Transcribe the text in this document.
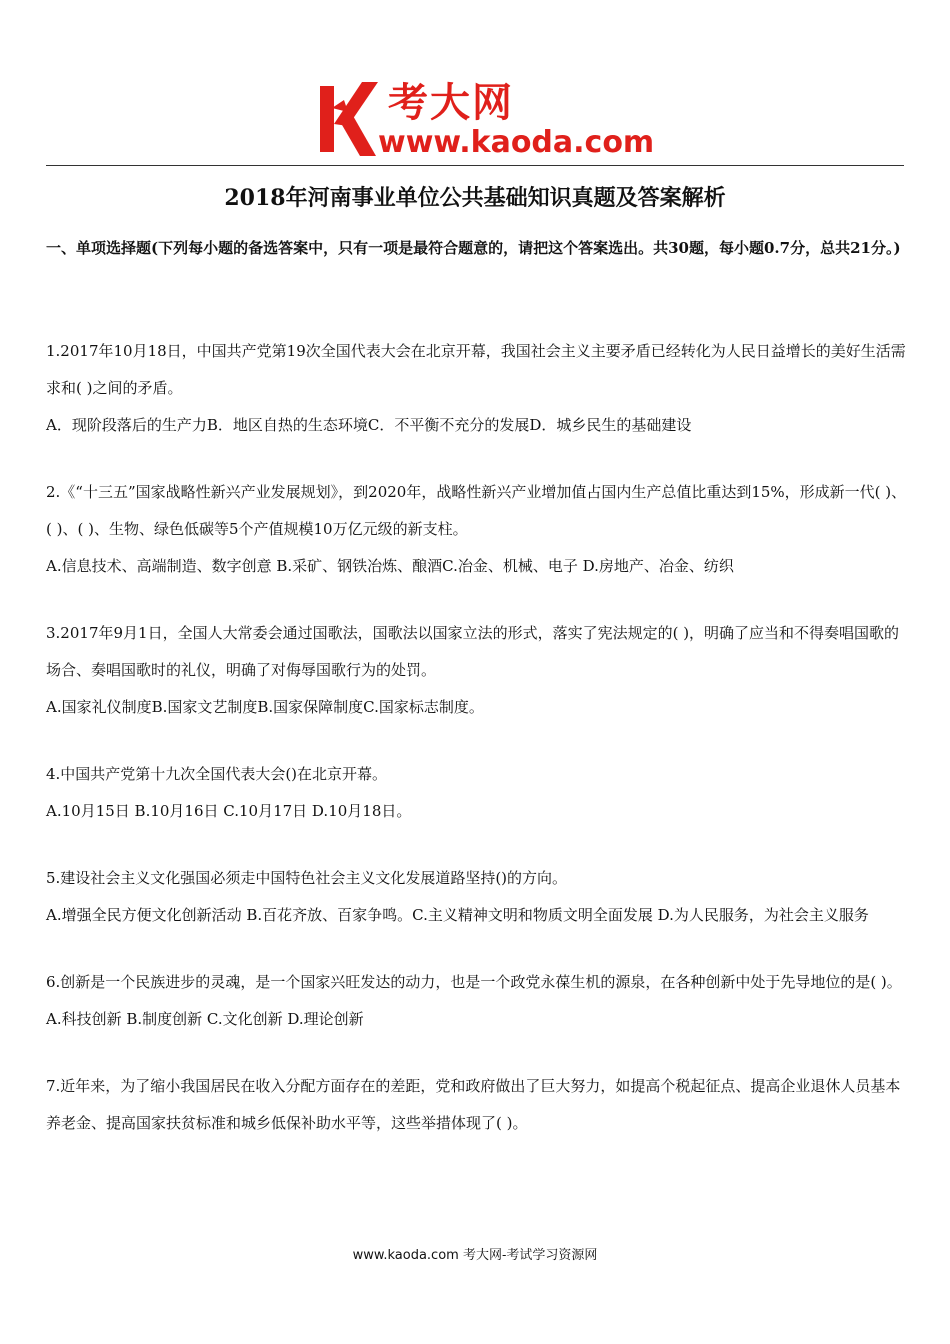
考大网
www.kaoda.com
2018年河南事业单位公共基础知识真题及答案解析
一、单项选择题(下列每小题的备选答案中，只有一项是最符合题意的，请把这个答案选出。共30题，每小题0.7分，总共21分。)

1.2017年10月18日，中国共产党第19次全国代表大会在北京开幕，我国社会主义主要矛盾已经转化为人民日益增长的美好生活需求和( )之间的矛盾。

A．现阶段落后的生产力B．地区自热的生态环境C．不平衡不充分的发展D．城乡民生的基础建设

2.《“十三五”国家战略性新兴产业发展规划》，到2020年，战略性新兴产业增加值占国内生产总值比重达到15%，形成新一代( )、( )、( )、生物、绿色低碳等5个产值规模10万亿元级的新支柱。

A.信息技术、高端制造、数字创意 B.采矿、钢铁冶炼、酿酒C.冶金、机械、电子 D.房地产、冶金、纺织

3.2017年9月1日，全国人大常委会通过国歌法，国歌法以国家立法的形式，落实了宪法规定的( )，明确了应当和不得奏唱国歌的场合、奏唱国歌时的礼仪，明确了对侮辱国歌行为的处罚。

A.国家礼仪制度B.国家文艺制度B.国家保障制度C.国家标志制度。

4.中国共产党第十九次全国代表大会()在北京开幕。

A.10月15日 B.10月16日 C.10月17日 D.10月18日。

5.建设社会主义文化强国必须走中国特色社会主义文化发展道路坚持()的方向。

A.增强全民方便文化创新活动 B.百花齐放、百家争鸣。C.主义精神文明和物质文明全面发展 D.为人民服务，为社会主义服务

6.创新是一个民族进步的灵魂，是一个国家兴旺发达的动力，也是一个政党永葆生机的源泉，在各种创新中处于先导地位的是( )。

A.科技创新 B.制度创新 C.文化创新 D.理论创新

7.近年来，为了缩小我国居民在收入分配方面存在的差距，党和政府做出了巨大努力，如提高个税起征点、提高企业退休人员基本养老金、提高国家扶贫标准和城乡低保补助水平等，这些举措体现了( )。

www.kaoda.com 考大网-考试学习资源网
